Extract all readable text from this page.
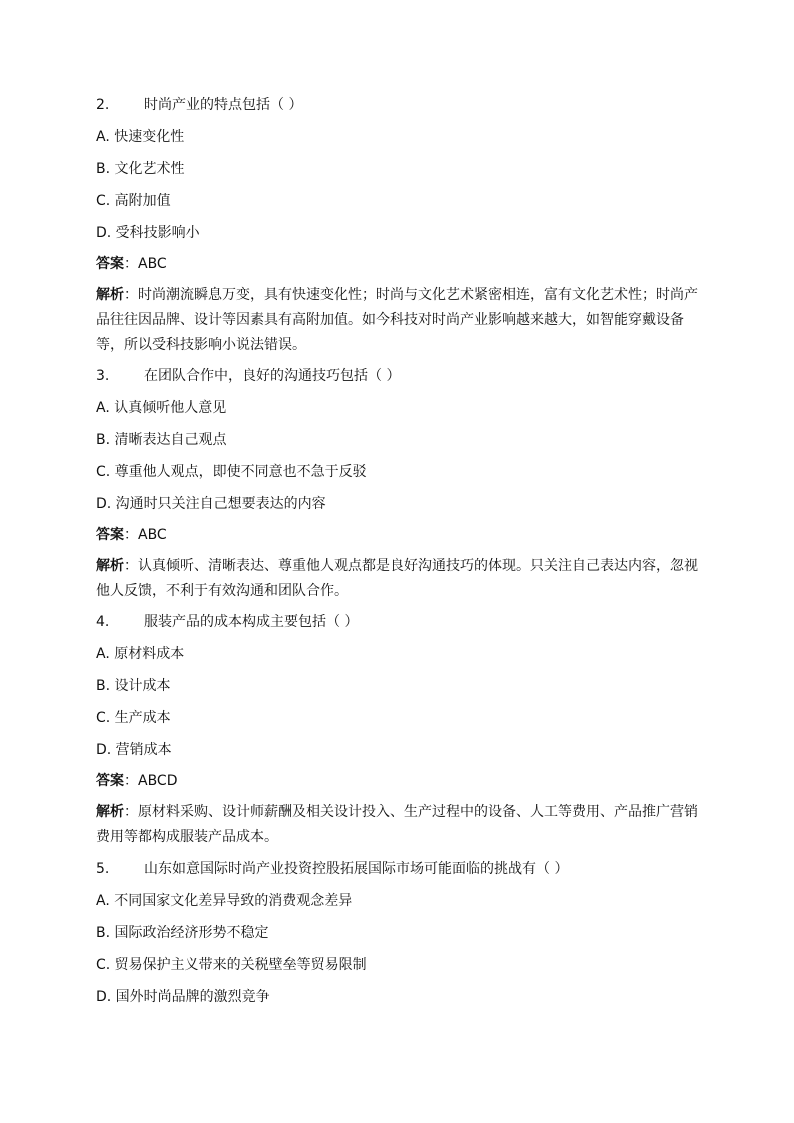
2. 时尚产业的特点包括（ ）
A. 快速变化性
B. 文化艺术性
C. 高附加值
D. 受科技影响小
答案：ABC
解析：时尚潮流瞬息万变，具有快速变化性；时尚与文化艺术紧密相连，富有文化艺术性；时尚产品往往因品牌、设计等因素具有高附加值。如今科技对时尚产业影响越来越大，如智能穿戴设备等，所以受科技影响小说法错误。
3. 在团队合作中，良好的沟通技巧包括（ ）
A. 认真倾听他人意见
B. 清晰表达自己观点
C. 尊重他人观点，即使不同意也不急于反驳
D. 沟通时只关注自己想要表达的内容
答案：ABC
解析：认真倾听、清晰表达、尊重他人观点都是良好沟通技巧的体现。只关注自己表达内容，忽视他人反馈，不利于有效沟通和团队合作。
4. 服装产品的成本构成主要包括（ ）
A. 原材料成本
B. 设计成本
C. 生产成本
D. 营销成本
答案：ABCD
解析：原材料采购、设计师薪酬及相关设计投入、生产过程中的设备、人工等费用、产品推广营销费用等都构成服装产品成本。
5. 山东如意国际时尚产业投资控股拓展国际市场可能面临的挑战有（ ）
A. 不同国家文化差异导致的消费观念差异
B. 国际政治经济形势不稳定
C. 贸易保护主义带来的关税壁垒等贸易限制
D. 国外时尚品牌的激烈竞争
